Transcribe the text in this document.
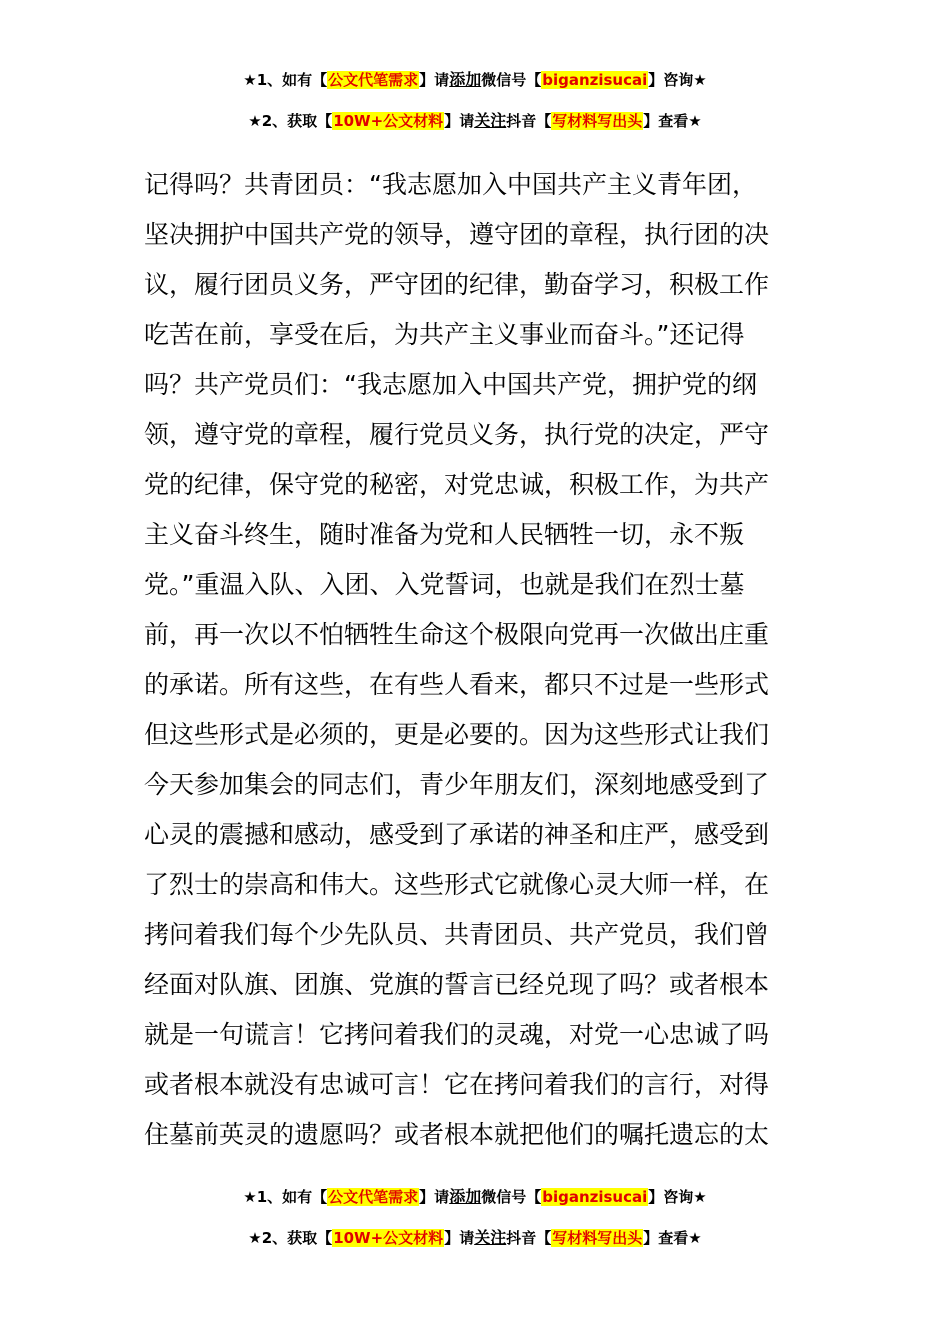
★1、如有【公文代笔需求】请添加微信号【biganzisucai】咨询★
★2、获取【10W+公文材料】请关注抖音【写材料写出头】查看★
记得吗？共青团员：“我志愿加入中国共产主义青年团，
坚决拥护中国共产党的领导，遵守团的章程，执行团的决
议，履行团员义务，严守团的纪律，勤奋学习，积极工作
吃苦在前，享受在后，为共产主义事业而奋斗。”还记得
吗？共产党员们：“我志愿加入中国共产党，拥护党的纲
领，遵守党的章程，履行党员义务，执行党的决定，严守
党的纪律，保守党的秘密，对党忠诚，积极工作，为共产
主义奋斗终生，随时准备为党和人民牺牲一切，永不叛
党。”重温入队、入团、入党誓词，也就是我们在烈士墓
前，再一次以不怕牺牲生命这个极限向党再一次做出庄重
的承诺。所有这些，在有些人看来，都只不过是一些形式
但这些形式是必须的，更是必要的。因为这些形式让我们
今天参加集会的同志们，青少年朋友们，深刻地感受到了
心灵的震撼和感动，感受到了承诺的神圣和庄严，感受到
了烈士的崇高和伟大。这些形式它就像心灵大师一样，在
拷问着我们每个少先队员、共青团员、共产党员，我们曾
经面对队旗、团旗、党旗的誓言已经兑现了吗？或者根本
就是一句谎言！它拷问着我们的灵魂，对党一心忠诚了吗
或者根本就没有忠诚可言！它在拷问着我们的言行，对得
住墓前英灵的遗愿吗？或者根本就把他们的嘱托遗忘的太
★1、如有【公文代笔需求】请添加微信号【biganzisucai】咨询★
★2、获取【10W+公文材料】请关注抖音【写材料写出头】查看★
